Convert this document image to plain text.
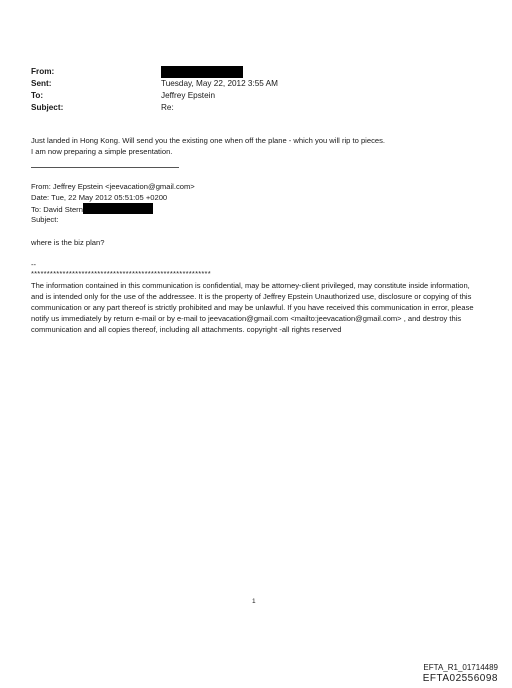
From:
Sent:	Tuesday, May 22, 2012 3:55 AM
To:	Jeffrey Epstein
Subject:	Re:
Just landed in Hong Kong. Will send you the existing one when off the plane - which you will rip to pieces.
I am now preparing a simple presentation.
From: Jeffrey Epstein <jeevacation@gmail.com>
Date: Tue, 22 May 2012 05:51:05 +0200
To: David Stern
Subject:
where is the biz plan?
--
*********************************************************
The information contained in this communication is confidential, may be attorney-client privileged, may constitute inside information, and is intended only for the use of the addressee. It is the property of Jeffrey Epstein Unauthorized use, disclosure or copying of this communication or any part thereof is strictly prohibited and may be unlawful. If you have received this communication in error, please notify us immediately by return e-mail or by e-mail to jeevacation@gmail.com <mailto:jeevacation@gmail.com> , and destroy this communication and all copies thereof, including all attachments. copyright -all rights reserved
1
EFTA_R1_01714489
EFTA02556098
